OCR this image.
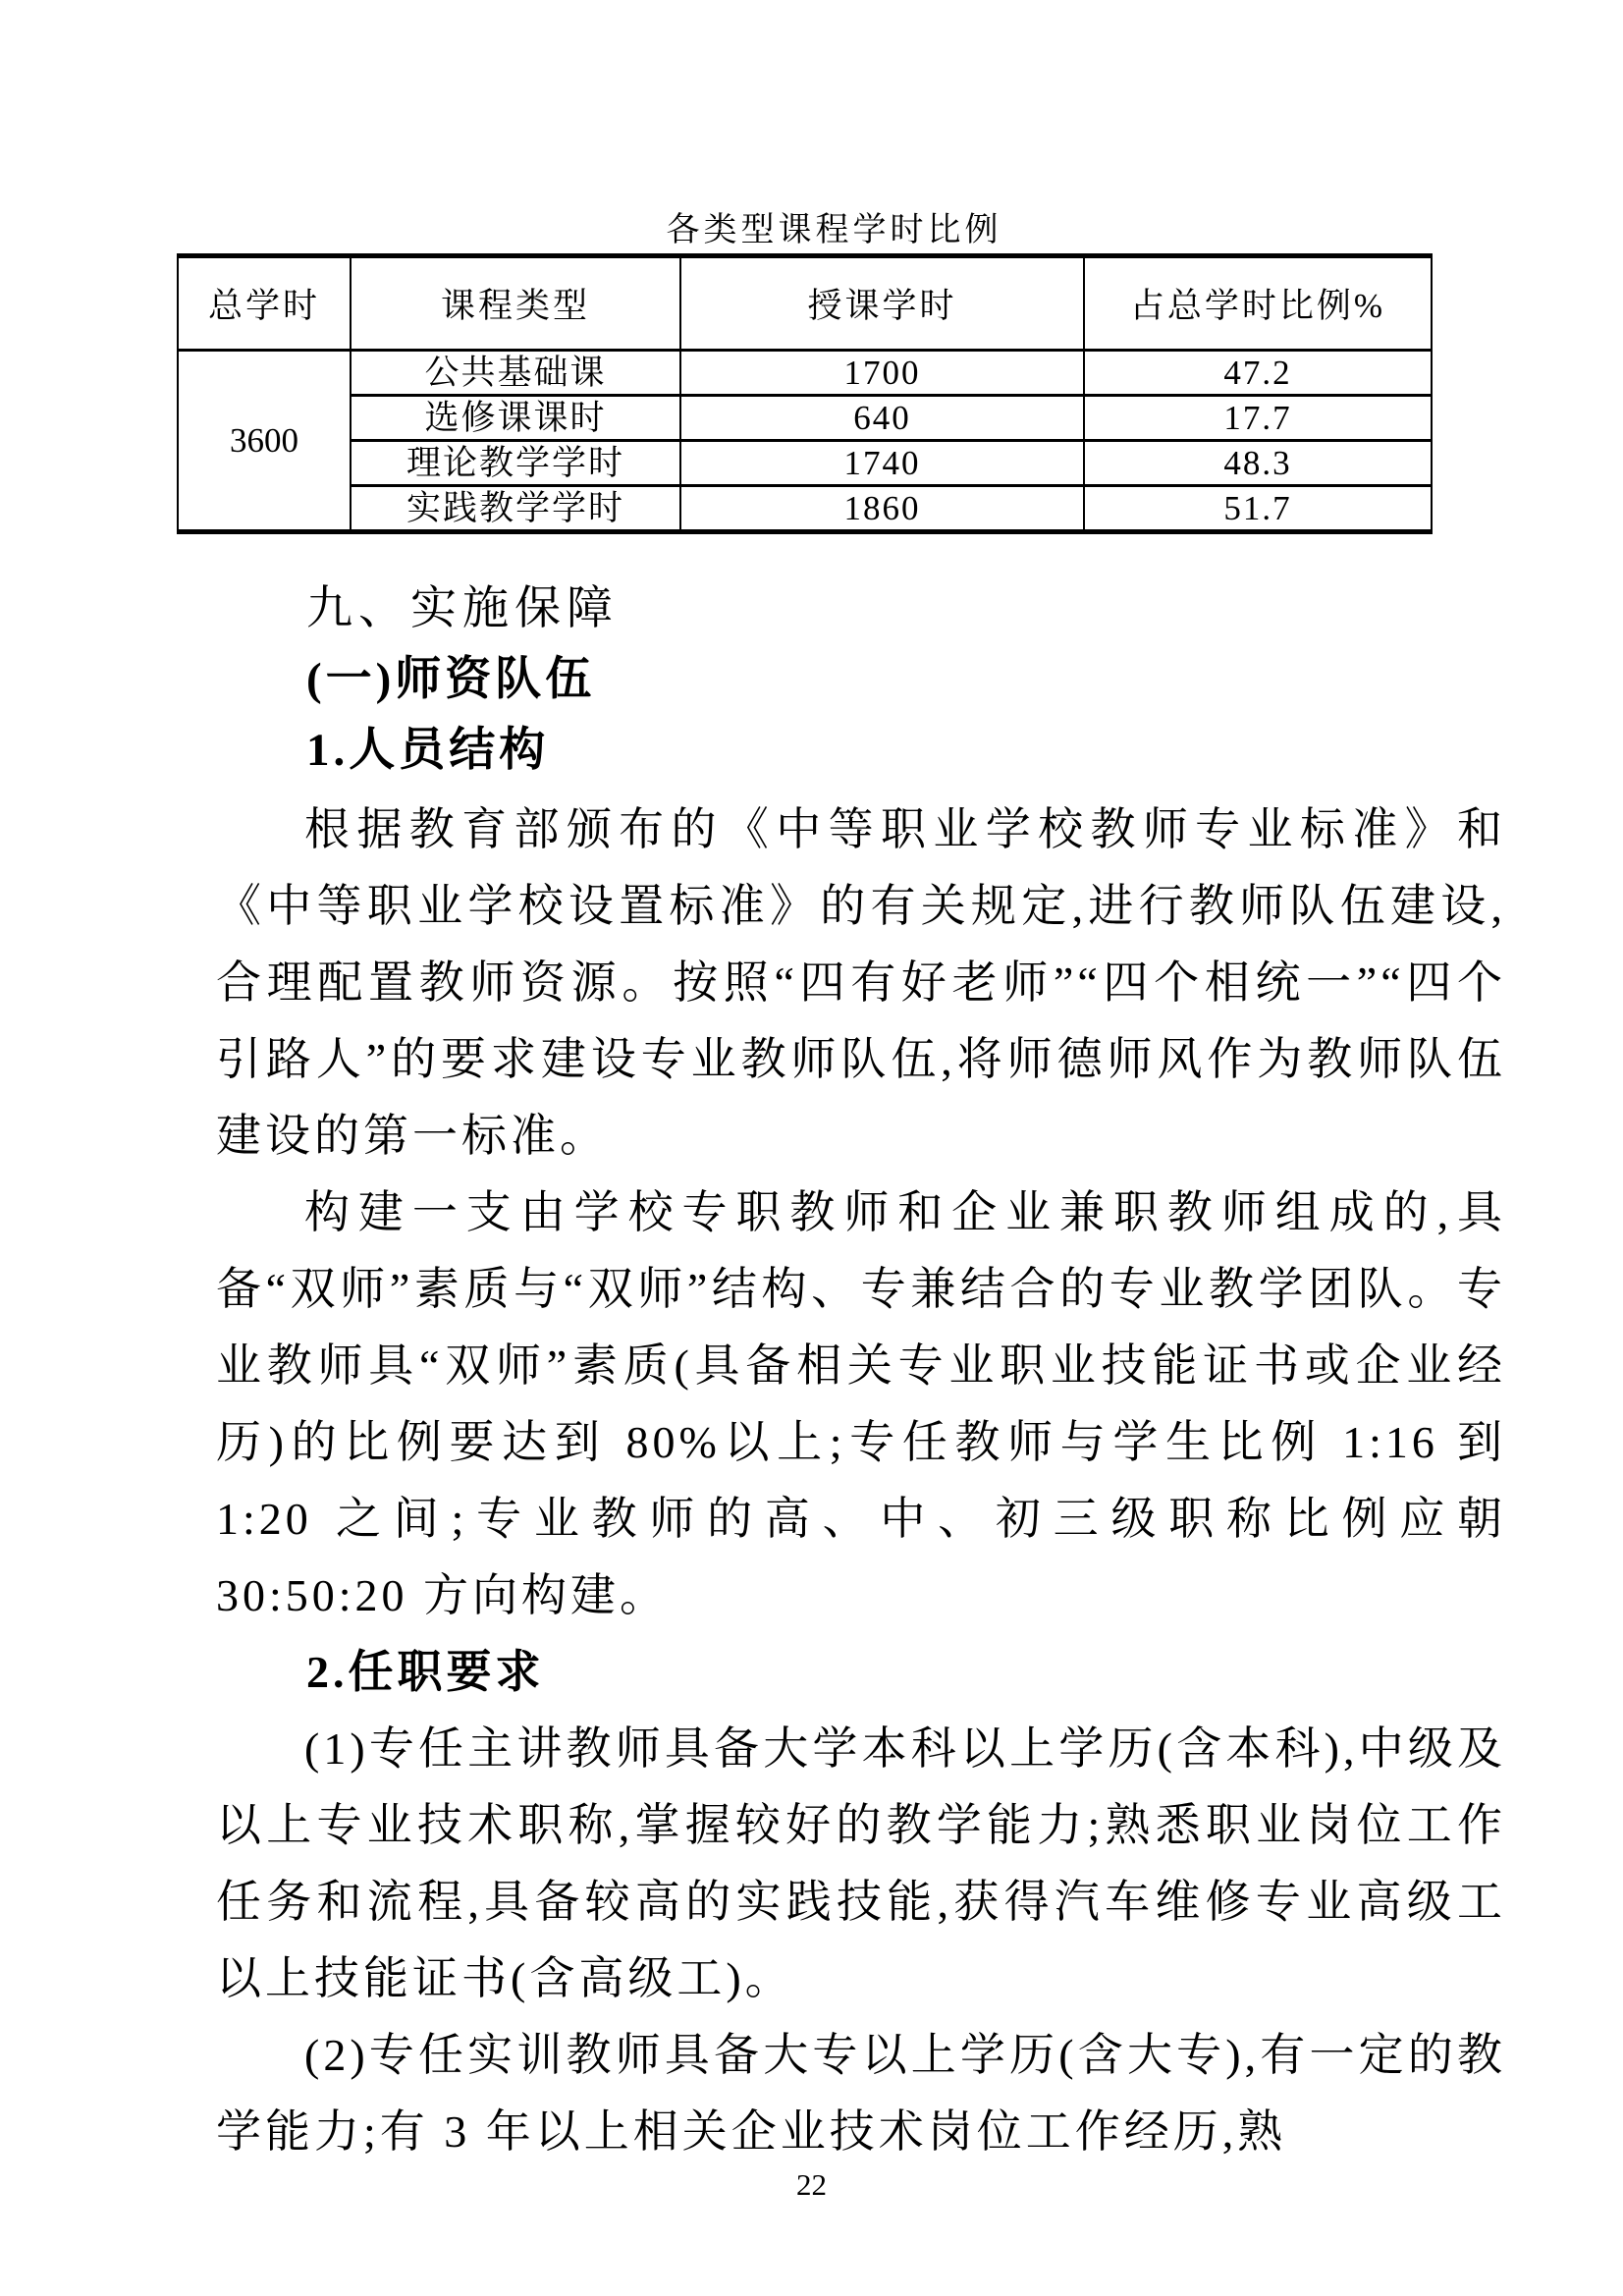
各类型课程学时比例
总学时	课程类型	授课学时	占总学时比例%
3600	公共基础课	1700	47.2
	选修课课时	640	17.7
	理论教学学时	1740	48.3
	实践教学学时	1860	51.7
九、实施保障
(一)师资队伍
1.人员结构

根据教育部颁布的《中等职业学校教师专业标准》和《中等职业学校设置标准》的有关规定,进行教师队伍建设,合理配置教师资源。按照“四有好老师”“四个相统一”“四个引路人”的要求建设专业教师队伍,将师德师风作为教师队伍建设的第一标准。

构建一支由学校专职教师和企业兼职教师组成的,具备“双师”素质与“双师”结构、专兼结合的专业教学团队。专业教师具“双师”素质(具备相关专业职业技能证书或企业经历)的比例要达到 80%以上;专任教师与学生比例 1:16 到 1:20 之间;专业教师的高、中、初三级职称比例应朝 30:50:20 方向构建。

2.任职要求

(1)专任主讲教师具备大学本科以上学历(含本科),中级及以上专业技术职称,掌握较好的教学能力;熟悉职业岗位工作任务和流程,具备较高的实践技能,获得汽车维修专业高级工以上技能证书(含高级工)。

(2)专任实训教师具备大专以上学历(含大专),有一定的教学能力;有 3 年以上相关企业技术岗位工作经历,熟

22
